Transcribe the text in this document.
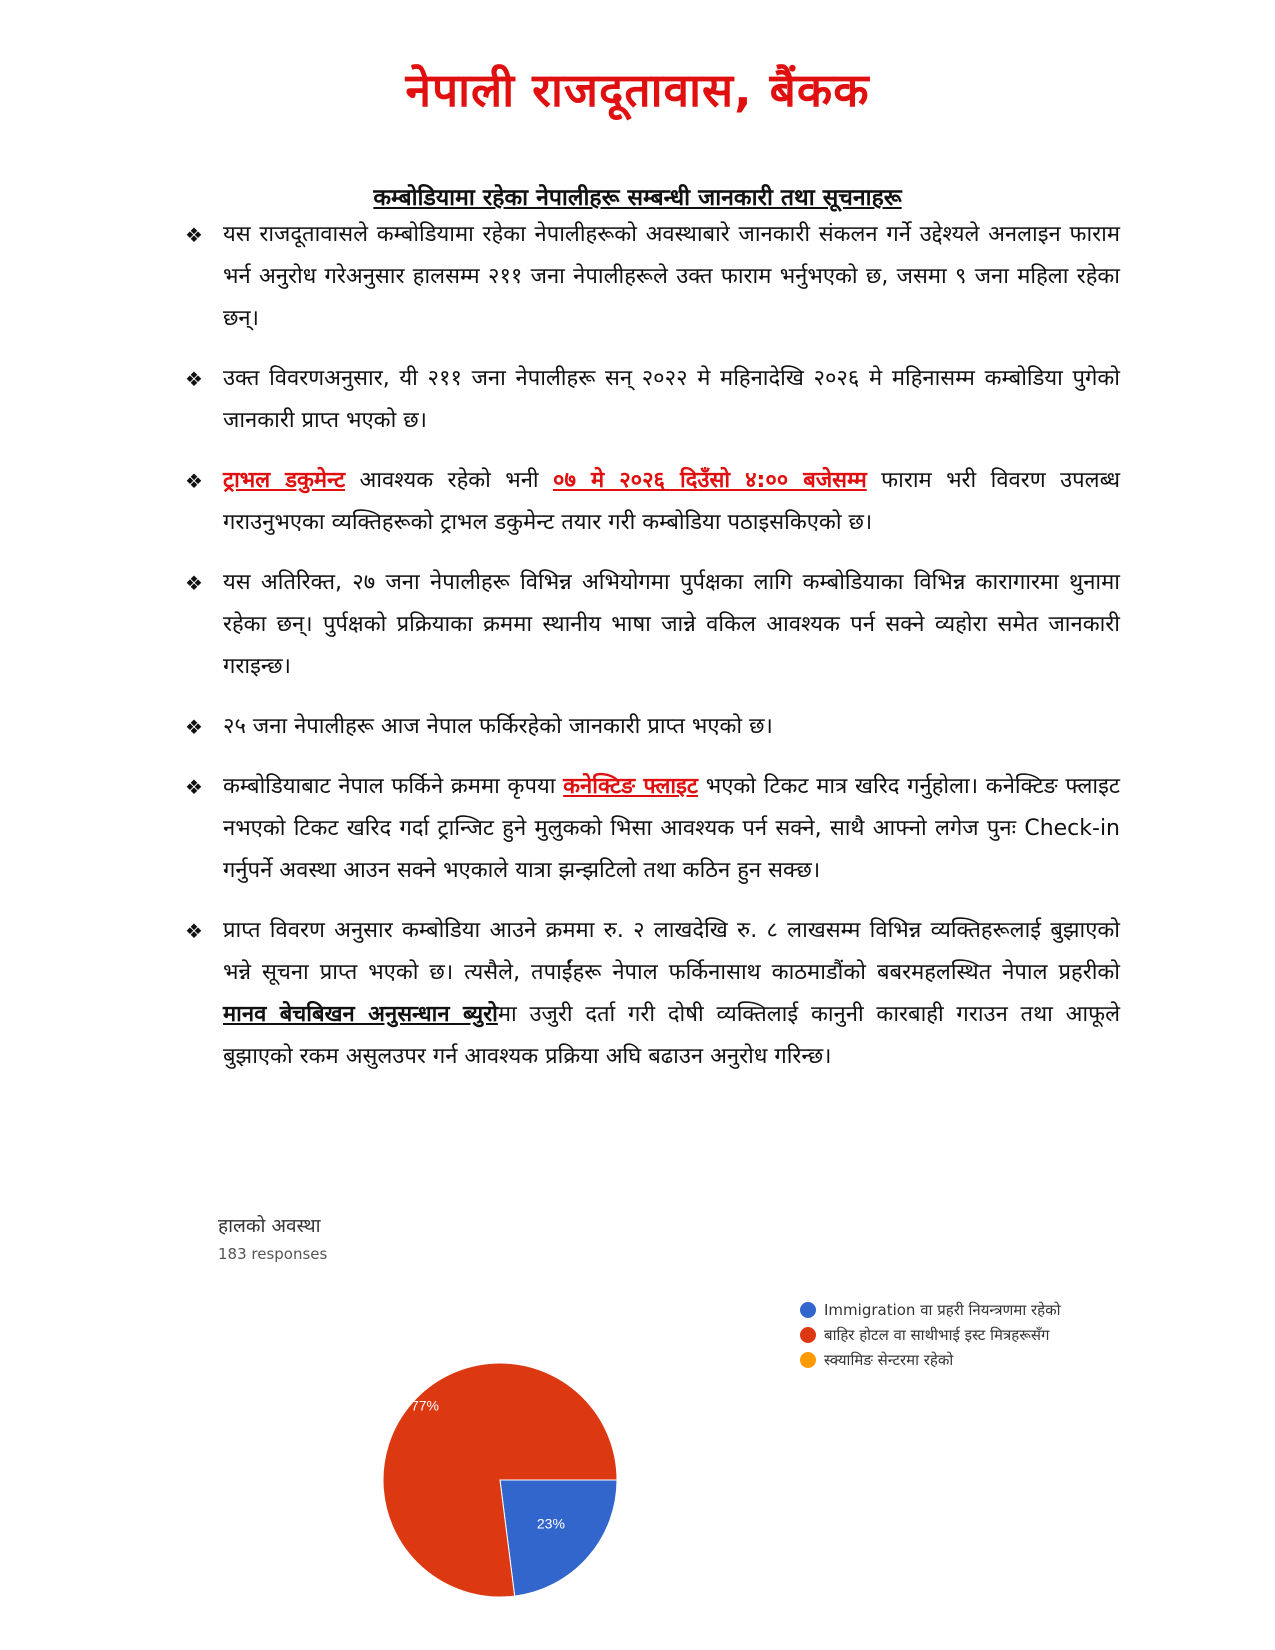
नेपाली राजदूतावास, बैंकक
कम्बोडियामा रहेका नेपालीहरू सम्बन्धी जानकारी तथा सूचनाहरू
❖ यस राजदूतावासले कम्बोडियामा रहेका नेपालीहरूको अवस्थाबारे जानकारी संकलन गर्ने उद्देश्यले अनलाइन फाराम भर्न अनुरोध गरेअनुसार हालसम्म २११ जना नेपालीहरूले उक्त फाराम भर्नुभएको छ, जसमा ९ जना महिला रहेका छन्।
❖ उक्त विवरणअनुसार, यी २११ जना नेपालीहरू सन् २०२२ मे महिनादेखि २०२६ मे महिनासम्म कम्बोडिया पुगेको जानकारी प्राप्त भएको छ।
❖ ट्राभल डकुमेन्ट आवश्यक रहेको भनी ०७ मे २०२६ दिउँसो ४:०० बजेसम्म फाराम भरी विवरण उपलब्ध गराउनुभएका व्यक्तिहरूको ट्राभल डकुमेन्ट तयार गरी कम्बोडिया पठाइसकिएको छ।
❖ यस अतिरिक्त, २७ जना नेपालीहरू विभिन्न अभियोगमा पुर्पक्षका लागि कम्बोडियाका विभिन्न कारागारमा थुनामा रहेका छन्। पुर्पक्षको प्रक्रियाका क्रममा स्थानीय भाषा जान्ने वकिल आवश्यक पर्न सक्ने व्यहोरा समेत जानकारी गराइन्छ।
❖ २५ जना नेपालीहरू आज नेपाल फर्किरहेको जानकारी प्राप्त भएको छ।
❖ कम्बोडियाबाट नेपाल फर्किने क्रममा कृपया कनेक्टिङ फ्लाइट भएको टिकट मात्र खरिद गर्नुहोला। कनेक्टिङ फ्लाइट नभएको टिकट खरिद गर्दा ट्रान्जिट हुने मुलुकको भिसा आवश्यक पर्न सक्ने, साथै आफ्नो लगेज पुनः Check-in गर्नुपर्ने अवस्था आउन सक्ने भएकाले यात्रा झन्झटिलो तथा कठिन हुन सक्छ।
❖ प्राप्त विवरण अनुसार कम्बोडिया आउने क्रममा रु. २ लाखदेखि रु. ८ लाखसम्म विभिन्न व्यक्तिहरूलाई बुझाएको भन्ने सूचना प्राप्त भएको छ। त्यसैले, तपाईंहरू नेपाल फर्किनासाथ काठमाडौंको बबरमहलस्थित नेपाल प्रहरीको मानव बेचबिखन अनुसन्धान ब्युरोमा उजुरी दर्ता गरी दोषी व्यक्तिलाई कानुनी कारबाही गराउन तथा आफूले बुझाएको रकम असुलउपर गर्न आवश्यक प्रक्रिया अघि बढाउन अनुरोध गरिन्छ।
हालको अवस्था
183 responses
23%
77%
Immigration वा प्रहरी नियन्त्रणमा रहेको
बाहिर होटल वा साथीभाई इस्ट मित्रहरूसँग
स्क्यामिङ सेन्टरमा रहेको
